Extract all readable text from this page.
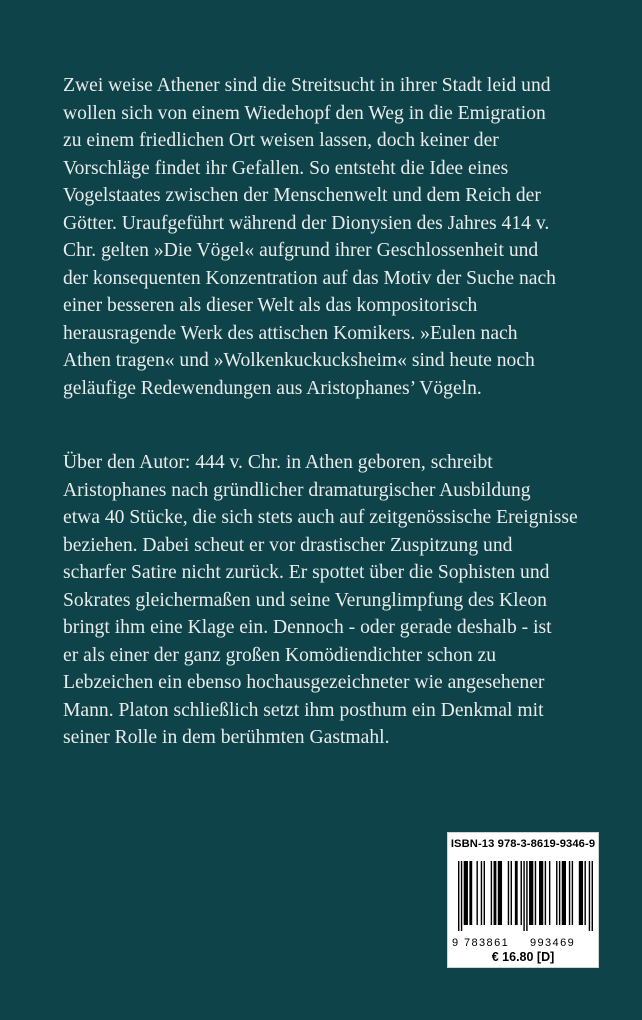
Zwei weise Athener sind die Streitsucht in ihrer Stadt leid und
wollen sich von einem Wiedehopf den Weg in die Emigration
zu einem friedlichen Ort weisen lassen, doch keiner der
Vorschläge findet ihr Gefallen. So entsteht die Idee eines
Vogelstaates zwischen der Menschenwelt und dem Reich der
Götter. Uraufgeführt während der Dionysien des Jahres 414 v.
Chr. gelten »Die Vögel« aufgrund ihrer Geschlossenheit und
der konsequenten Konzentration auf das Motiv der Suche nach
einer besseren als dieser Welt als das kompositorisch
herausragende Werk des attischen Komikers. »Eulen nach
Athen tragen« und »Wolkenkuckucksheim« sind heute noch
geläufige Redewendungen aus Aristophanes’ Vögeln.
Über den Autor: 444 v. Chr. in Athen geboren, schreibt
Aristophanes nach gründlicher dramaturgischer Ausbildung
etwa 40 Stücke, die sich stets auch auf zeitgenössische Ereignisse
beziehen. Dabei scheut er vor drastischer Zuspitzung und
scharfer Satire nicht zurück. Er spottet über die Sophisten und
Sokrates gleichermaßen und seine Verunglimpfung des Kleon
bringt ihm eine Klage ein. Dennoch - oder gerade deshalb - ist
er als einer der ganz großen Komödiendichter schon zu
Lebzeichen ein ebenso hochausgezeichneter wie angesehener
Mann. Platon schließlich setzt ihm posthum ein Denkmal mit
seiner Rolle in dem berühmten Gastmahl.
ISBN-13 978-3-8619-9346-9
9 783861 993469
€ 16.80 [D]
